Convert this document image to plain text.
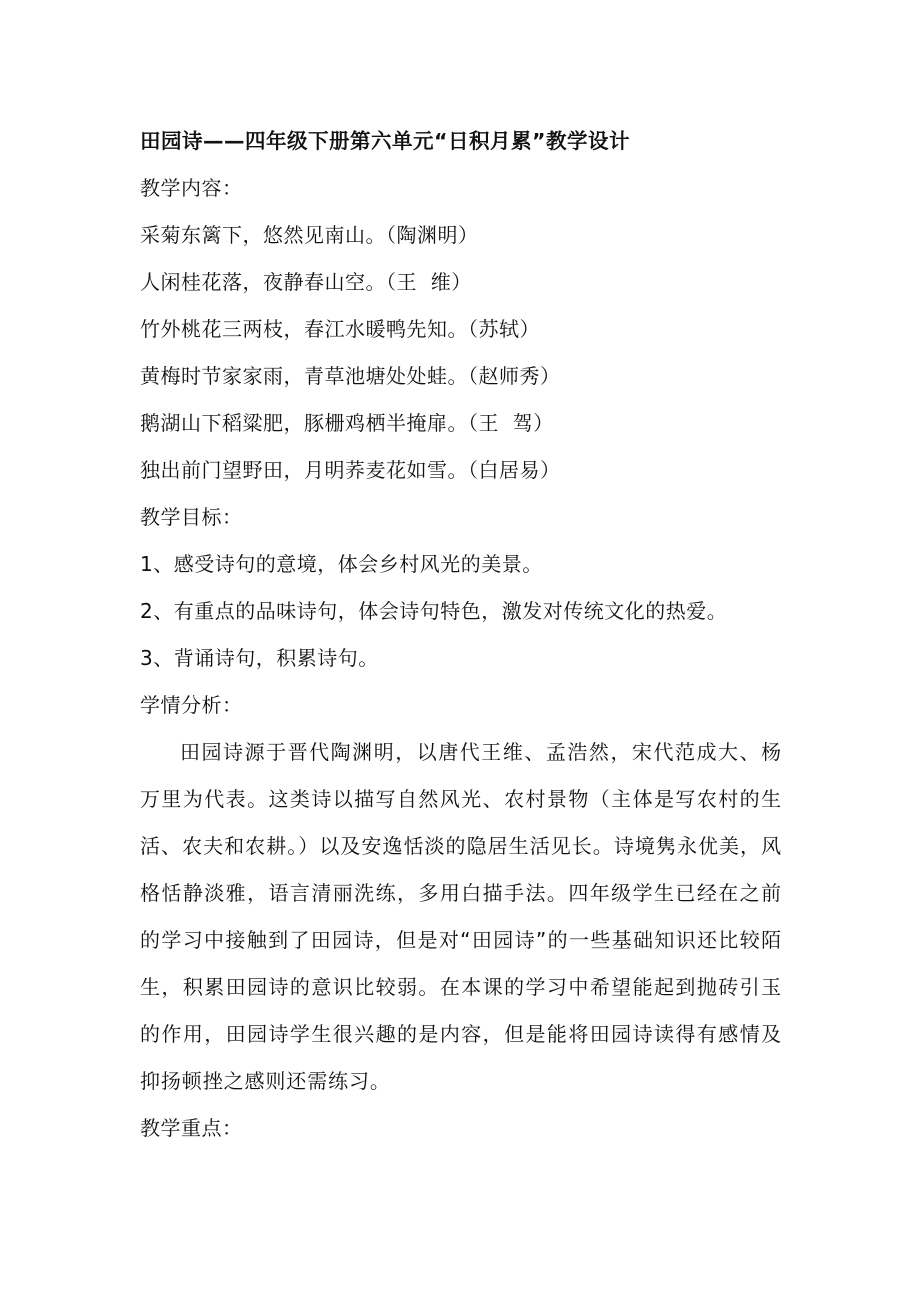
田园诗——四年级下册第六单元“日积月累”教学设计
教学内容：
采菊东篱下，悠然见南山。（陶渊明）
人闲桂花落，夜静春山空。（王  维）
竹外桃花三两枝，春江水暖鸭先知。（苏轼）
黄梅时节家家雨，青草池塘处处蛙。（赵师秀）
鹅湖山下稻粱肥，豚栅鸡栖半掩扉。（王  驾）
独出前门望野田，月明荞麦花如雪。（白居易）
教学目标：
1、感受诗句的意境，体会乡村风光的美景。
2、有重点的品味诗句，体会诗句特色，激发对传统文化的热爱。
3、背诵诗句，积累诗句。
学情分析：

田园诗源于晋代陶渊明，以唐代王维、孟浩然，宋代范成大、杨万里为代表。这类诗以描写自然风光、农村景物（主体是写农村的生活、农夫和农耕。）以及安逸恬淡的隐居生活见长。诗境隽永优美，风格恬静淡雅，语言清丽洗练，多用白描手法。四年级学生已经在之前的学习中接触到了田园诗，但是对“田园诗”的一些基础知识还比较陌生，积累田园诗的意识比较弱。在本课的学习中希望能起到抛砖引玉的作用，田园诗学生很兴趣的是内容，但是能将田园诗读得有感情及抑扬顿挫之感则还需练习。

教学重点：
